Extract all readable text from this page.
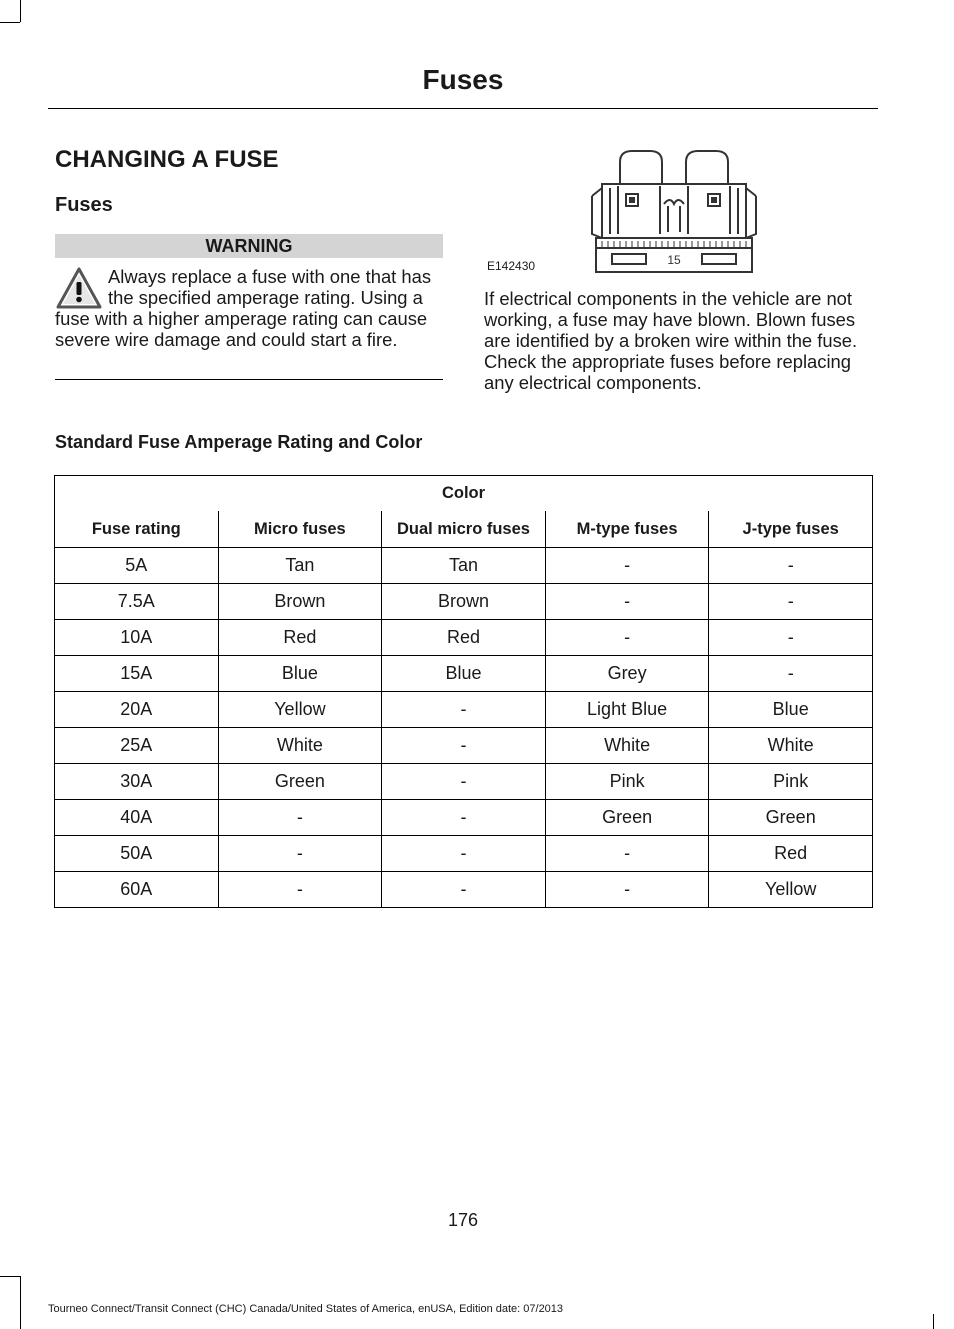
Fuses
CHANGING A FUSE
Fuses
WARNING
Always replace a fuse with one that has the specified amperage rating. Using a fuse with a higher amperage rating can cause severe wire damage and could start a fire.
15
E142430
If electrical components in the vehicle are not working, a fuse may have blown. Blown fuses are identified by a broken wire within the fuse. Check the appropriate fuses before replacing any electrical components.
Standard Fuse Amperage Rating and Color
Color				
Fuse rating	Micro fuses	Dual micro fuses	M-type fuses	J-type fuses
5A	Tan	Tan	-	-
7.5A	Brown	Brown	-	-
10A	Red	Red	-	-
15A	Blue	Blue	Grey	-
20A	Yellow	-	Light Blue	Blue
25A	White	-	White	White
30A	Green	-	Pink	Pink
40A	-	-	Green	Green
50A	-	-	-	Red
60A	-	-	-	Yellow
176
Tourneo Connect/Transit Connect (CHC) Canada/United States of America, enUSA, Edition date: 07/2013
